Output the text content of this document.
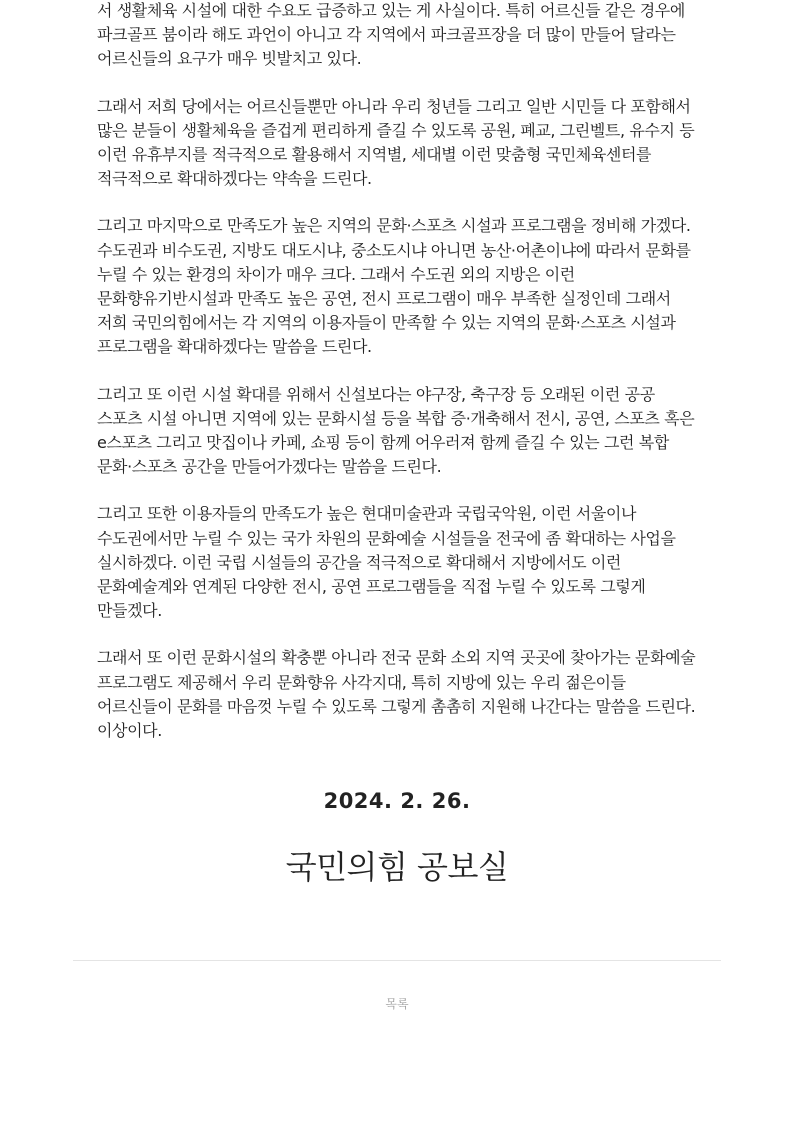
서 생활체육 시설에 대한 수요도 급증하고 있는 게 사실이다. 특히 어르신들 같은 경우에 파크골프 붐이라 해도 과언이 아니고 각 지역에서 파크골프장을 더 많이 만들어 달라는 어르신들의 요구가 매우 빗발치고 있다.

그래서 저희 당에서는 어르신들뿐만 아니라 우리 청년들 그리고 일반 시민들 다 포함해서 많은 분들이 생활체육을 즐겁게 편리하게 즐길 수 있도록 공원, 폐교, 그린벨트, 유수지 등 이런 유휴부지를 적극적으로 활용해서 지역별, 세대별 이런 맞춤형 국민체육센터를 적극적으로 확대하겠다는 약속을 드린다.

그리고 마지막으로 만족도가 높은 지역의 문화·스포츠 시설과 프로그램을 정비해 가겠다. 수도권과 비수도권, 지방도 대도시냐, 중소도시냐 아니면 농산·어촌이냐에 따라서 문화를 누릴 수 있는 환경의 차이가 매우 크다. 그래서 수도권 외의 지방은 이런 문화향유기반시설과 만족도 높은 공연, 전시 프로그램이 매우 부족한 실정인데 그래서 저희 국민의힘에서는 각 지역의 이용자들이 만족할 수 있는 지역의 문화·스포츠 시설과 프로그램을 확대하겠다는 말씀을 드린다.

그리고 또 이런 시설 확대를 위해서 신설보다는 야구장, 축구장 등 오래된 이런 공공 스포츠 시설 아니면 지역에 있는 문화시설 등을 복합 증·개축해서 전시, 공연, 스포츠 혹은 e스포츠 그리고 맛집이나 카페, 쇼핑 등이 함께 어우러져 함께 즐길 수 있는 그런 복합 문화·스포츠 공간을 만들어가겠다는 말씀을 드린다.

그리고 또한 이용자들의 만족도가 높은 현대미술관과 국립국악원, 이런 서울이나 수도권에서만 누릴 수 있는 국가 차원의 문화예술 시설들을 전국에 좀 확대하는 사업을 실시하겠다. 이런 국립 시설들의 공간을 적극적으로 확대해서 지방에서도 이런 문화예술계와 연계된 다양한 전시, 공연 프로그램들을 직접 누릴 수 있도록 그렇게 만들겠다.

그래서 또 이런 문화시설의 확충뿐 아니라 전국 문화 소외 지역 곳곳에 찾아가는 문화예술 프로그램도 제공해서 우리 문화향유 사각지대, 특히 지방에 있는 우리 젊은이들 어르신들이 문화를 마음껏 누릴 수 있도록 그렇게 촘촘히 지원해 나간다는 말씀을 드린다. 이상이다.

2024. 2. 26.
국민의힘 공보실
목록
